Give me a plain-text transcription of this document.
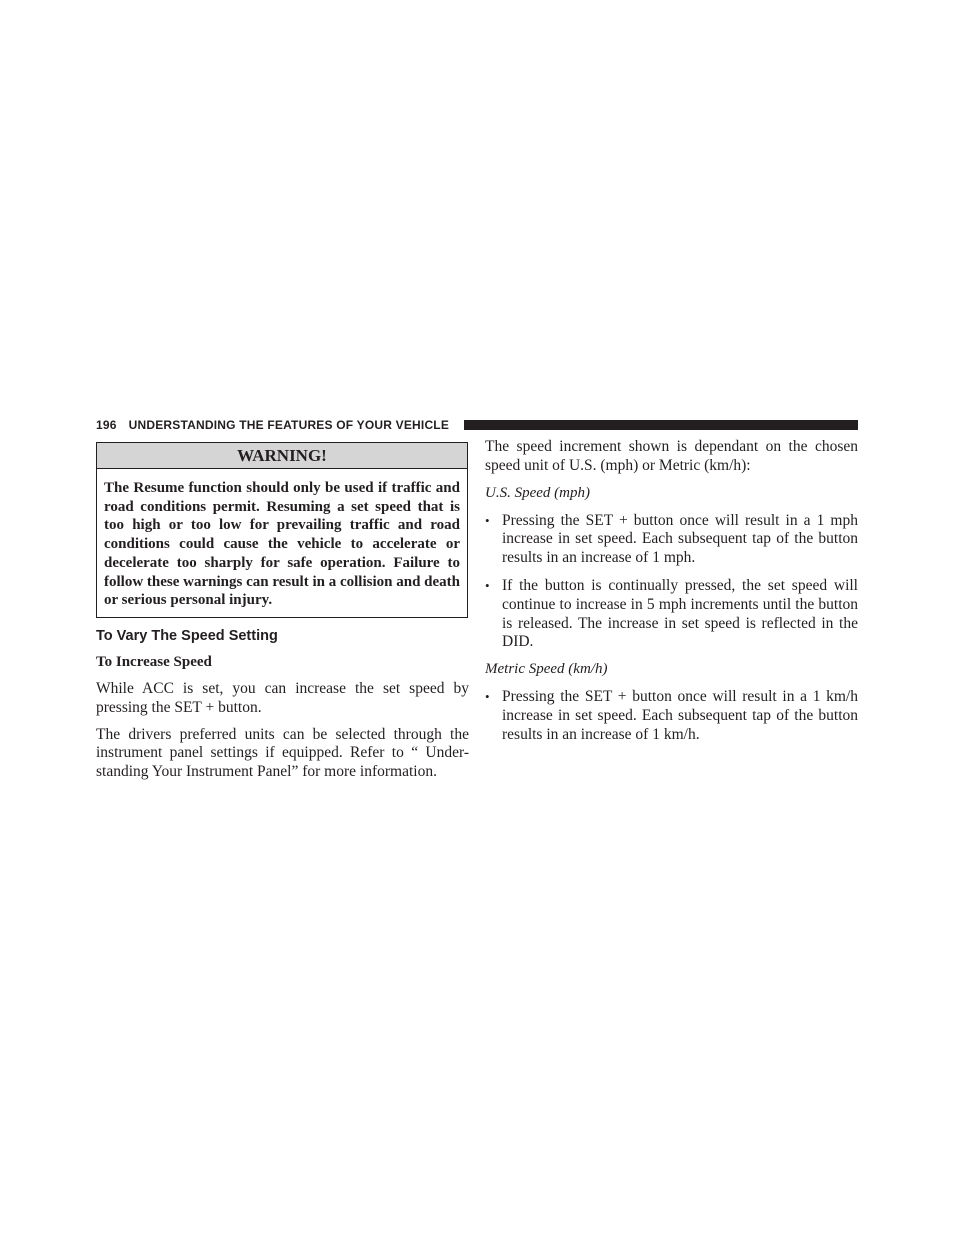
196 UNDERSTANDING THE FEATURES OF YOUR VEHICLE
WARNING!
The Resume function should only be used if traffic and road conditions permit. Resuming a set speed that is too high or too low for prevailing traffic and road conditions could cause the vehicle to accelerate or decelerate too sharply for safe operation. Failure to follow these warnings can result in a collision and death or serious personal injury.
To Vary The Speed Setting
To Increase Speed

While ACC is set, you can increase the set speed by pressing the SET + button.

The drivers preferred units can be selected through the instrument panel settings if equipped. Refer to “ Under-standing Your Instrument Panel” for more information.

The speed increment shown is dependant on the chosen speed unit of U.S. (mph) or Metric (km/h):

U.S. Speed (mph)
• Pressing the SET + button once will result in a 1 mph increase in set speed. Each subsequent tap of the button results in an increase of 1 mph.
• If the button is continually pressed, the set speed will continue to increase in 5 mph increments until the button is released. The increase in set speed is reflected in the DID.
Metric Speed (km/h)
• Pressing the SET + button once will result in a 1 km/h increase in set speed. Each subsequent tap of the button results in an increase of 1 km/h.
